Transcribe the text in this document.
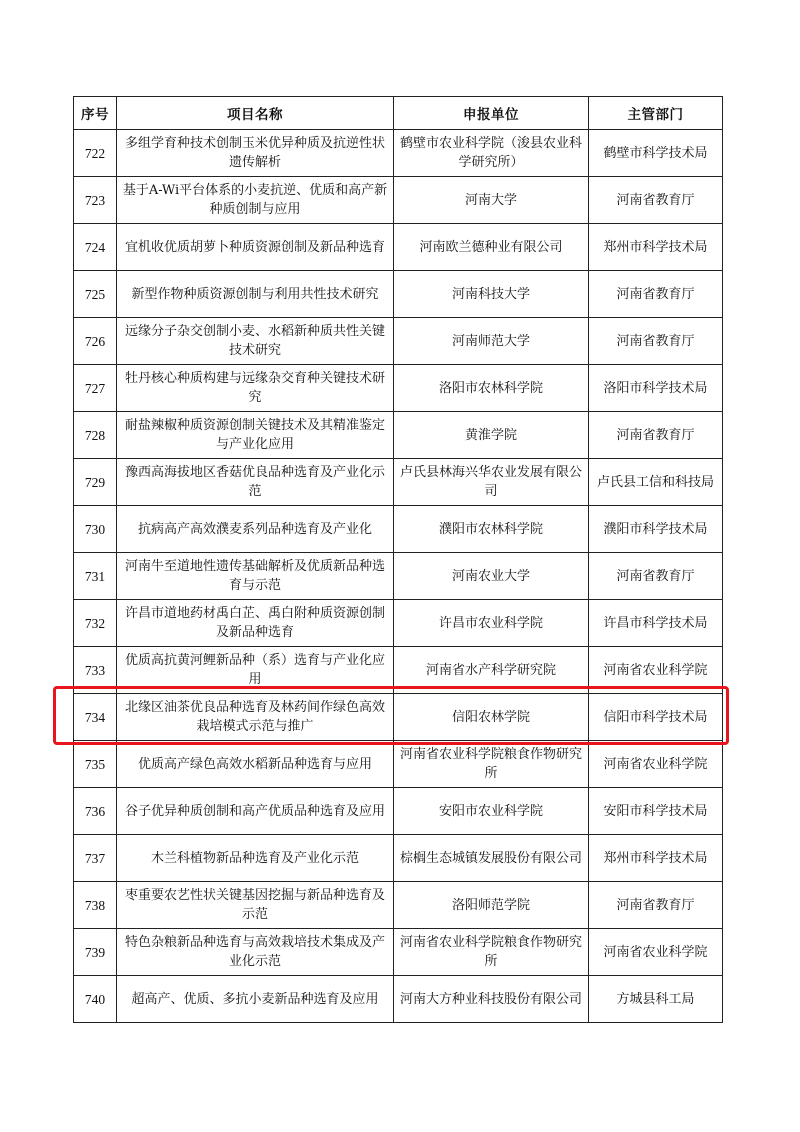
序号	项目名称	申报单位	主管部门
722	多组学育种技术创制玉米优异种质及抗逆性状遗传解析	鹤壁市农业科学院（浚县农业科学研究所）	鹤壁市科学技术局
723	基于A-Wi平台体系的小麦抗逆、优质和高产新种质创制与应用	河南大学	河南省教育厅
724	宜机收优质胡萝卜种质资源创制及新品种选育	河南欧兰德种业有限公司	郑州市科学技术局
725	新型作物种质资源创制与利用共性技术研究	河南科技大学	河南省教育厅
726	远缘分子杂交创制小麦、水稻新种质共性关键技术研究	河南师范大学	河南省教育厅
727	牡丹核心种质构建与远缘杂交育种关键技术研究	洛阳市农林科学院	洛阳市科学技术局
728	耐盐辣椒种质资源创制关键技术及其精准鉴定与产业化应用	黄淮学院	河南省教育厅
729	豫西高海拔地区香菇优良品种选育及产业化示范	卢氏县林海兴华农业发展有限公司	卢氏县工信和科技局
730	抗病高产高效濮麦系列品种选育及产业化	濮阳市农林科学院	濮阳市科学技术局
731	河南牛至道地性遗传基础解析及优质新品种选育与示范	河南农业大学	河南省教育厅
732	许昌市道地药材禹白芷、禹白附种质资源创制及新品种选育	许昌市农业科学院	许昌市科学技术局
733	优质高抗黄河鲤新品种（系）选育与产业化应用	河南省水产科学研究院	河南省农业科学院
734	北缘区油茶优良品种选育及林药间作绿色高效栽培模式示范与推广	信阳农林学院	信阳市科学技术局
735	优质高产绿色高效水稻新品种选育与应用	河南省农业科学院粮食作物研究所	河南省农业科学院
736	谷子优异种质创制和高产优质品种选育及应用	安阳市农业科学院	安阳市科学技术局
737	木兰科植物新品种选育及产业化示范	棕榈生态城镇发展股份有限公司	郑州市科学技术局
738	枣重要农艺性状关键基因挖掘与新品种选育及示范	洛阳师范学院	河南省教育厅
739	特色杂粮新品种选育与高效栽培技术集成及产业化示范	河南省农业科学院粮食作物研究所	河南省农业科学院
740	超高产、优质、多抗小麦新品种选育及应用	河南大方种业科技股份有限公司	方城县科工局
